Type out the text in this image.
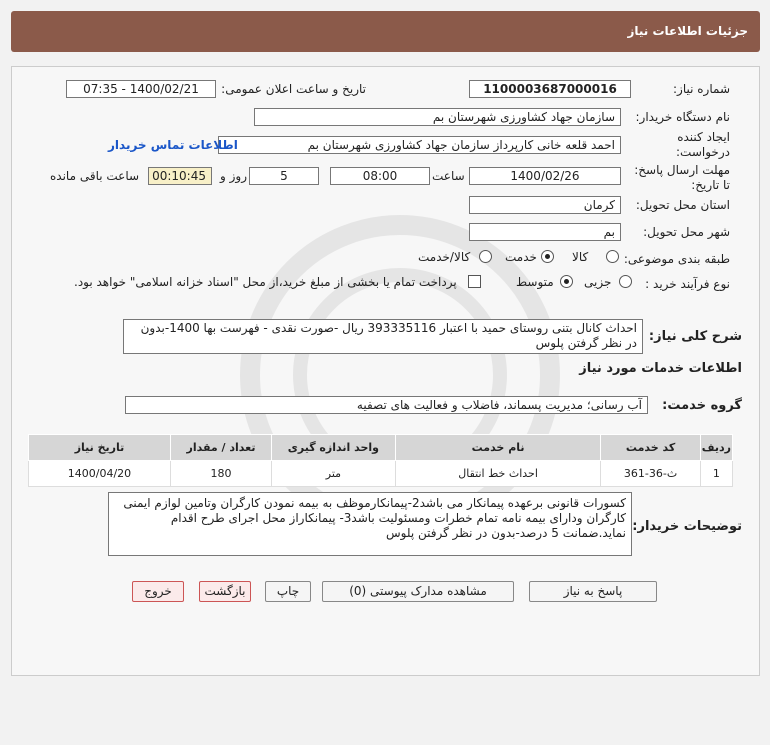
جزئیات اطلاعات نیاز
شماره نیاز:
1100003687000016
تاریخ و ساعت اعلان عمومی:
1400/02/21 - 07:35
نام دستگاه خریدار:
سازمان جهاد کشاورزی شهرستان بم
ایجاد کننده
درخواست:
احمد قلعه خانی کارپرداز سازمان جهاد کشاورزی شهرستان بم
اطلاعات تماس خریدار
مهلت ارسال پاسخ:
تا تاریخ:
1400/02/26
ساعت
08:00
5
روز و
00:10:45
ساعت باقی مانده
استان محل تحویل:
کرمان
شهر محل تحویل:
بم
طبقه بندی موضوعی:
کالا
خدمت
کالا/خدمت
نوع فرآیند خرید :
جزیی
متوسط
پرداخت تمام یا بخشی از مبلغ خرید،از محل "اسناد خزانه اسلامی" خواهد بود.
شرح کلی نیاز:
احداث کانال بتنی روستای حمید با اعتبار 393335116 ریال -صورت نقدی - فهرست بها 1400-بدون در نظر گرفتن پلوس
اطلاعات خدمات مورد نیاز
گروه خدمت:
آب رسانی؛ مدیریت پسماند، فاضلاب و فعالیت های تصفیه
ردیف	کد خدمت	نام خدمت	واحد اندازه گیری	تعداد / مقدار	تاریخ نیاز
1	ث-36-361	احداث خط انتقال	متر	180	1400/04/20
توضیحات خریدار:
کسورات قانونی برعهده پیمانکار می باشد2-پیمانکارموظف به بیمه نمودن کارگران وتامین لوازم ایمنی کارگران ودارای بیمه نامه تمام خطرات ومسئولیت باشد3- پیمانکاراز محل اجرای طرح اقدام نماید.ضمانت 5 درصد-بدون در نظر گرفتن پلوس
پاسخ به نیاز
مشاهده مدارک پیوستی (0)
چاپ
بازگشت
خروج
